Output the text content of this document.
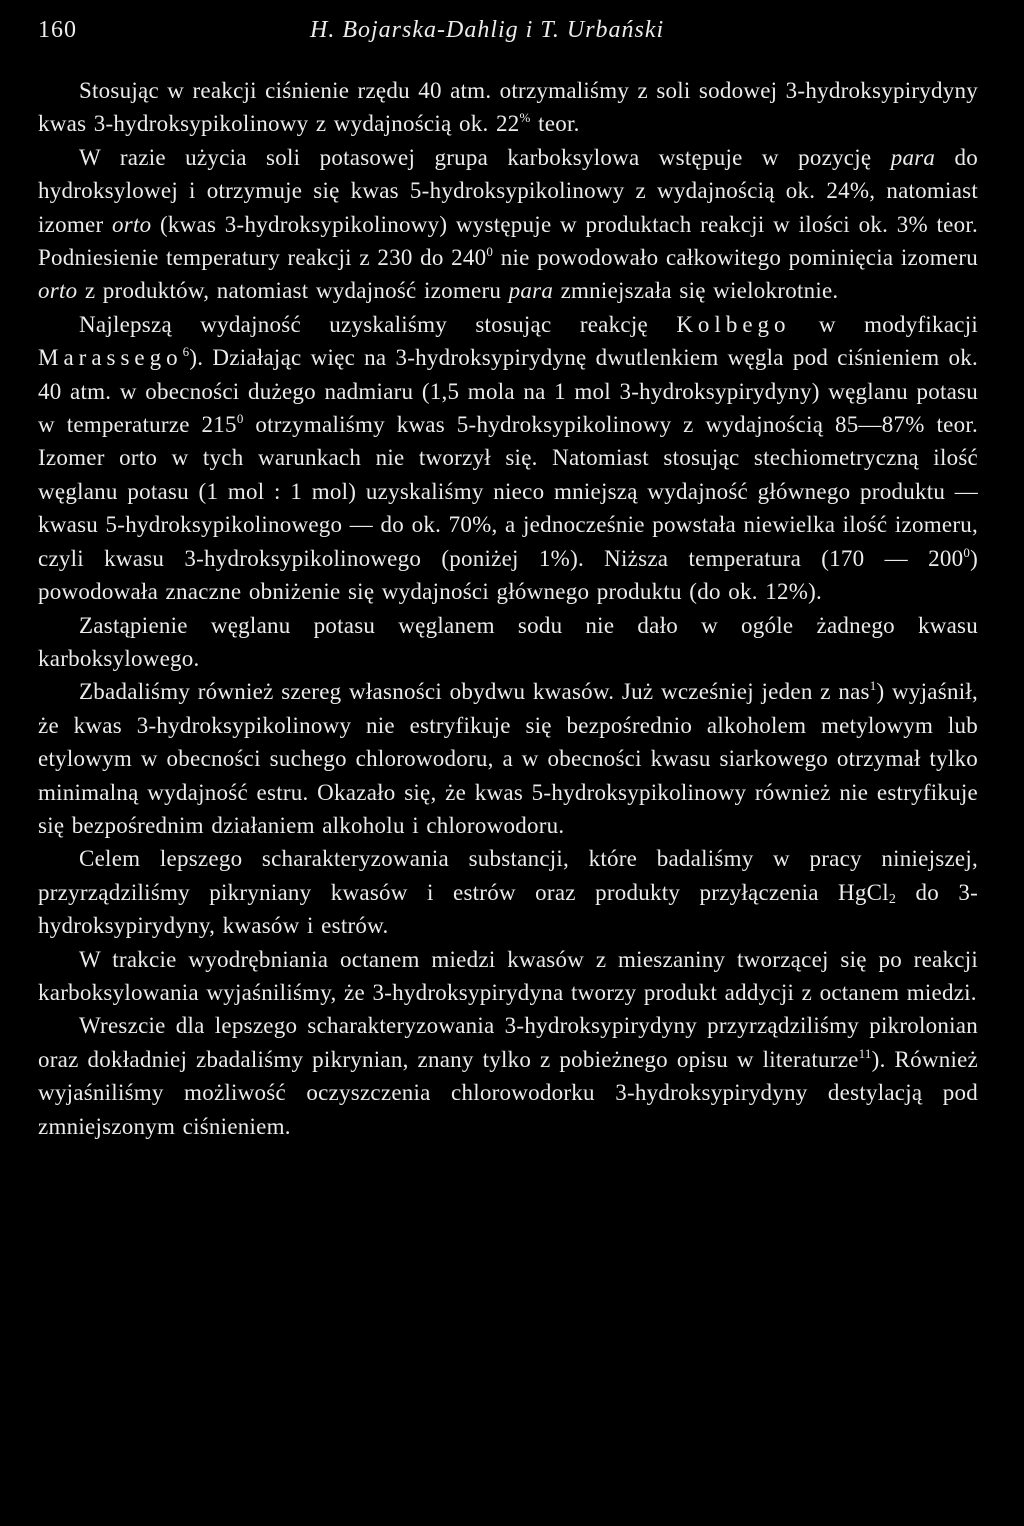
160	H. Bojarska-Dahlig i T. Urbański

Stosując w reakcji ciśnienie rzędu 40 atm. otrzymaliśmy z soli sodowej 3-hydroksypirydyny kwas 3-hydroksypikolinowy z wydajnością ok. 22% teor.

W razie użycia soli potasowej grupa karboksylowa wstępuje w pozycję para do hydroksylowej i otrzymuje się kwas 5-hydroksypikolinowy z wydajnością ok. 24%, natomiast izomer orto (kwas 3-hydroksypikolinowy) występuje w produktach reakcji w ilości ok. 3% teor. Podniesienie temperatury reakcji z 230 do $240^0$ nie powodowało całkowitego pominięcia izomeru orto z produktów, natomiast wydajność izomeru para zmniejszała się wielokrotnie.

Najlepszą wydajność uzyskaliśmy stosując reakcję Kolbego w modyfikacji Marassego$^6$). Działając więc na 3-hydroksypirydynę dwutlenkiem węgla pod ciśnieniem ok. 40 atm. w obecności dużego nadmiaru (1,5 mola na 1 mol 3-hydroksypirydyny) węglanu potasu w temperaturze $215^0$ otrzymaliśmy kwas 5-hydroksypikolinowy z wydajnością 85—87% teor. Izomer orto w tych warunkach nie tworzył się. Natomiast stosując stechiometryczną ilość węglanu potasu (1 mol : 1 mol) uzyskaliśmy nieco mniejszą wydajność głównego produktu — kwasu 5-hydroksypikolinowego — do ok. 70%, a jednocześnie powstała niewielka ilość izomeru, czyli kwasu 3-hydroksypikolinowego (poniżej 1%). Niższa temperatura (170 — $200^0$) powodowała znaczne obniżenie się wydajności głównego produktu (do ok. 12%).

Zastąpienie węglanu potasu węglanem sodu nie dało w ogóle żadnego kwasu karboksylowego.

Zbadaliśmy również szereg własności obydwu kwasów. Już wcześniej jeden z nas$^1$) wyjaśnił, że kwas 3-hydroksypikolinowy nie estryfikuje się bezpośrednio alkoholem metylowym lub etylowym w obecności suchego chlorowodoru, a w obecności kwasu siarkowego otrzymał tylko minimalną wydajność estru. Okazało się, że kwas 5-hydroksypikolinowy również nie estryfikuje się bezpośrednim działaniem alkoholu i chlorowodoru.

Celem lepszego scharakteryzowania substancji, które badaliśmy w pracy niniejszej, przyrządziliśmy pikryniany kwasów i estrów oraz produkty przyłączenia HgCl$_2$ do 3-hydroksypirydyny, kwasów i estrów.

W trakcie wyodrębniania octanem miedzi kwasów z mieszaniny tworzącej się po reakcji karboksylowania wyjaśniliśmy, że 3-hydroksypirydyna tworzy produkt addycji z octanem miedzi.

Wreszcie dla lepszego scharakteryzowania 3-hydroksypirydyny przyrządziliśmy pikrolonian oraz dokładniej zbadaliśmy pikrynian, znany tylko z pobieżnego opisu w literaturze$^{11}$). Również wyjaśniliśmy możliwość oczyszczenia chlorowodorku 3-hydroksypirydyny destylacją pod zmniejszonym ciśnieniem.
